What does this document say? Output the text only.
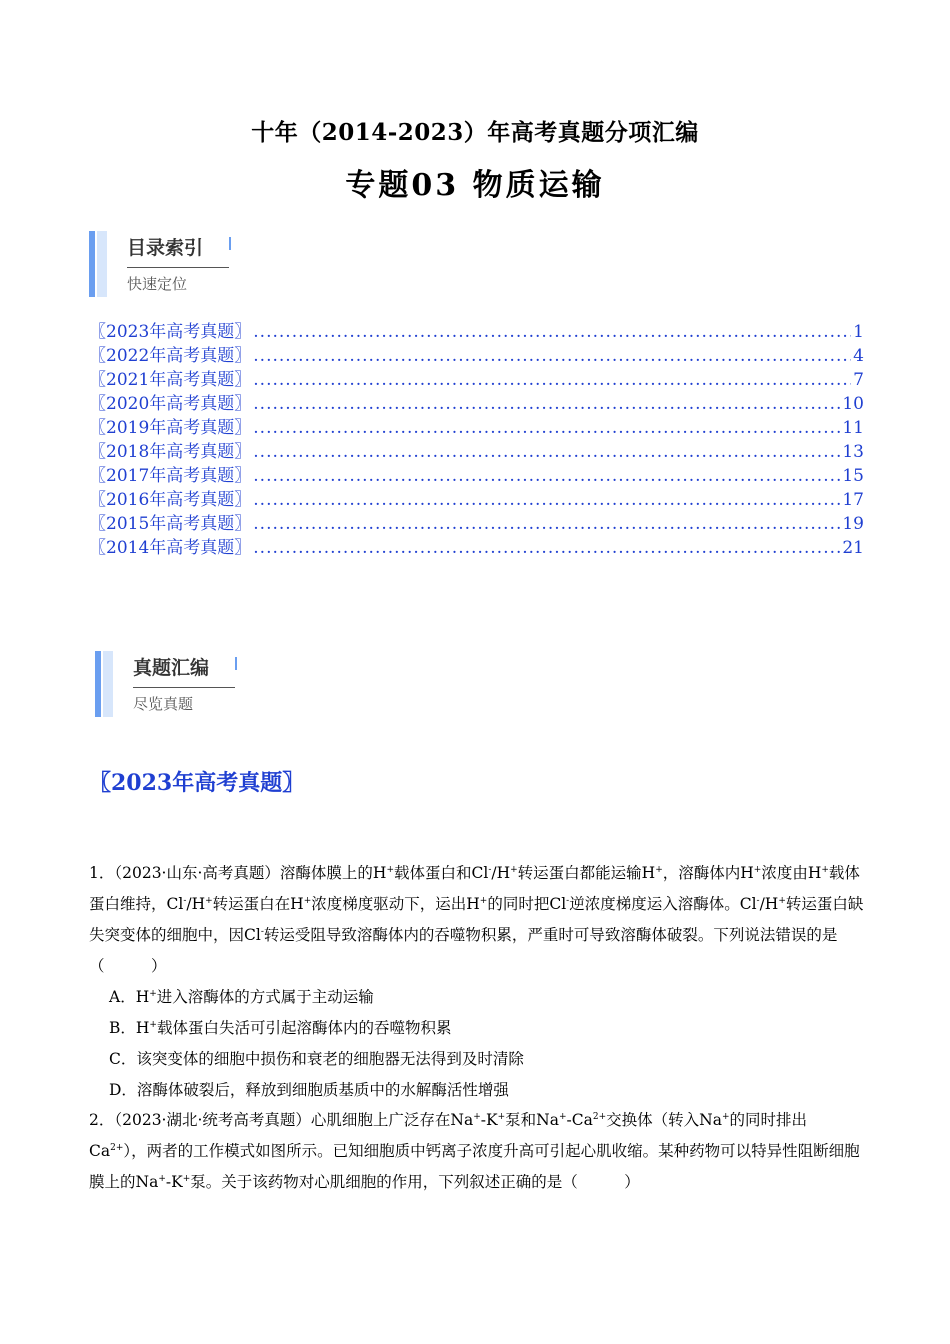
十年（2014-2023）年高考真题分项汇编
专题03 物质运输
目录索引
快速定位
〖2023年高考真题〗 .....	1
〖2022年高考真题〗 .....	4
〖2021年高考真题〗 .....	7
〖2020年高考真题〗 .....	10
〖2019年高考真题〗 .....	11
〖2018年高考真题〗 .....	13
〖2017年高考真题〗 .....	15
〖2016年高考真题〗 .....	17
〖2015年高考真题〗 .....	19
〖2014年高考真题〗 .....	21
真题汇编
尽览真题
〖2023年高考真题〗

1．（2023·山东·高考真题）溶酶体膜上的H+载体蛋白和Cl-/H+转运蛋白都能运输H+，溶酶体内H+浓度由H+载体蛋白维持，Cl-/H+转运蛋白在H+浓度梯度驱动下，运出H+的同时把Cl-逆浓度梯度运入溶酶体。Cl-/H+转运蛋白缺失突变体的细胞中，因Cl-转运受阻导致溶酶体内的吞噬物积累，严重时可导致溶酶体破裂。下列说法错误的是（　　　）

A．H+进入溶酶体的方式属于主动运输

B．H+载体蛋白失活可引起溶酶体内的吞噬物积累

C．该突变体的细胞中损伤和衰老的细胞器无法得到及时清除

D．溶酶体破裂后，释放到细胞质基质中的水解酶活性增强

2．（2023·湖北·统考高考真题）心肌细胞上广泛存在Na+-K+泵和$Na^+-Ca^{2+}$交换体（转入Na+的同时排出$Ca^{2+}$），两者的工作模式如图所示。已知细胞质中钙离子浓度升高可引起心肌收缩。某种药物可以特异性阻断细胞膜上的Na+-K+泵。关于该药物对心肌细胞的作用，下列叙述正确的是（　　　）
